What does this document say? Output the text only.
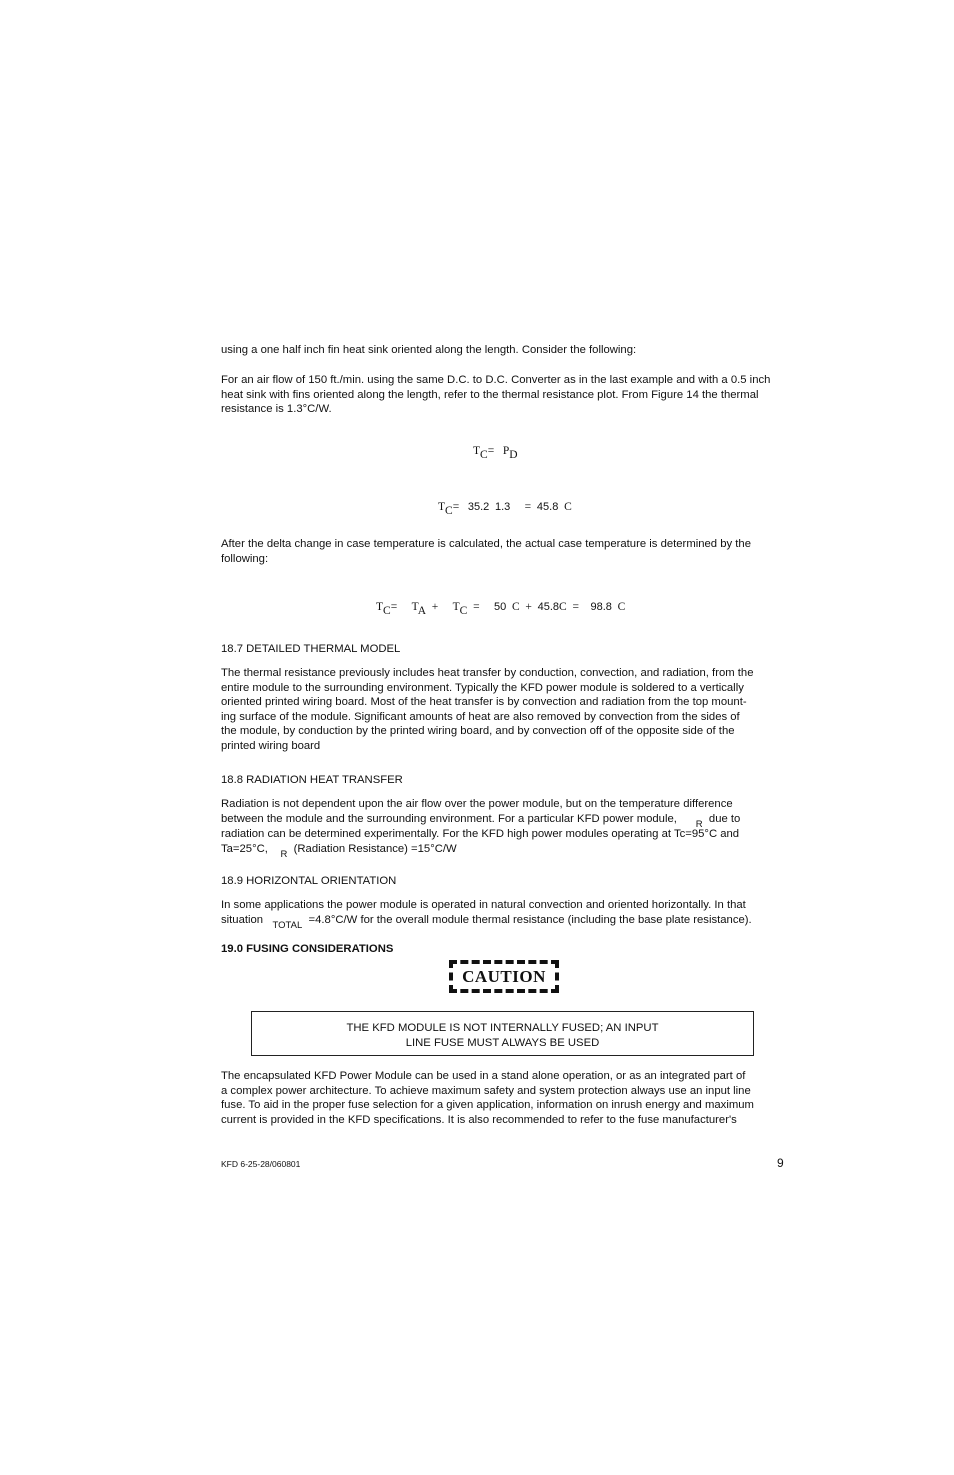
using a one half inch fin heat sink oriented along the length. Consider the following:
For an air flow of 150 ft./min. using the same D.C. to D.C. Converter as in the last example and with a 0.5 inch heat sink with fins oriented along the length, refer to the thermal resistance plot. From Figure 14 the thermal resistance is 1.3°C/W.
TC= PD
TC= 35.2 1.3 = 45.8 C
After the delta change in case temperature is calculated, the actual case temperature is determined by the following:
TC= TA + TC = 50 C + 45.8C = 98.8 C
18.7 DETAILED THERMAL MODEL
The thermal resistance previously includes heat transfer by conduction, convection, and radiation, from the
entire module to the surrounding environment. Typically the KFD power module is soldered to a vertically
oriented printed wiring board. Most of the heat transfer is by convection and radiation from the top mount-
ing surface of the module. Significant amounts of heat are also removed by convection from the sides of
the module, by conduction by the printed wiring board, and by convection off of the opposite side of the
printed wiring board
18.8 RADIATION HEAT TRANSFER
Radiation is not dependent upon the air flow over the power module, but on the temperature difference
between the module and the surrounding environment. For a particular KFD power module, $_R$ due to
radiation can be determined experimentally. For the KFD high power modules operating at Tc=95°C and
Ta=25°C, $_R$ (Radiation Resistance) =15°C/W
18.9 HORIZONTAL ORIENTATION
In some applications the power module is operated in natural convection and oriented horizontally. In that
situation $_{TOTAL}$ =4.8°C/W for the overall module thermal resistance (including the base plate resistance).
19.0 FUSING CONSIDERATIONS
CAUTION
THE KFD MODULE IS NOT INTERNALLY FUSED; AN INPUT
LINE FUSE MUST ALWAYS BE USED
The encapsulated KFD Power Module can be used in a stand alone operation, or as an integrated part of
a complex power architecture. To achieve maximum safety and system protection always use an input line
fuse. To aid in the proper fuse selection for a given application, information on inrush energy and maximum
current is provided in the KFD specifications. It is also recommended to refer to the fuse manufacturer's
KFD 6-25-28/060801	9
